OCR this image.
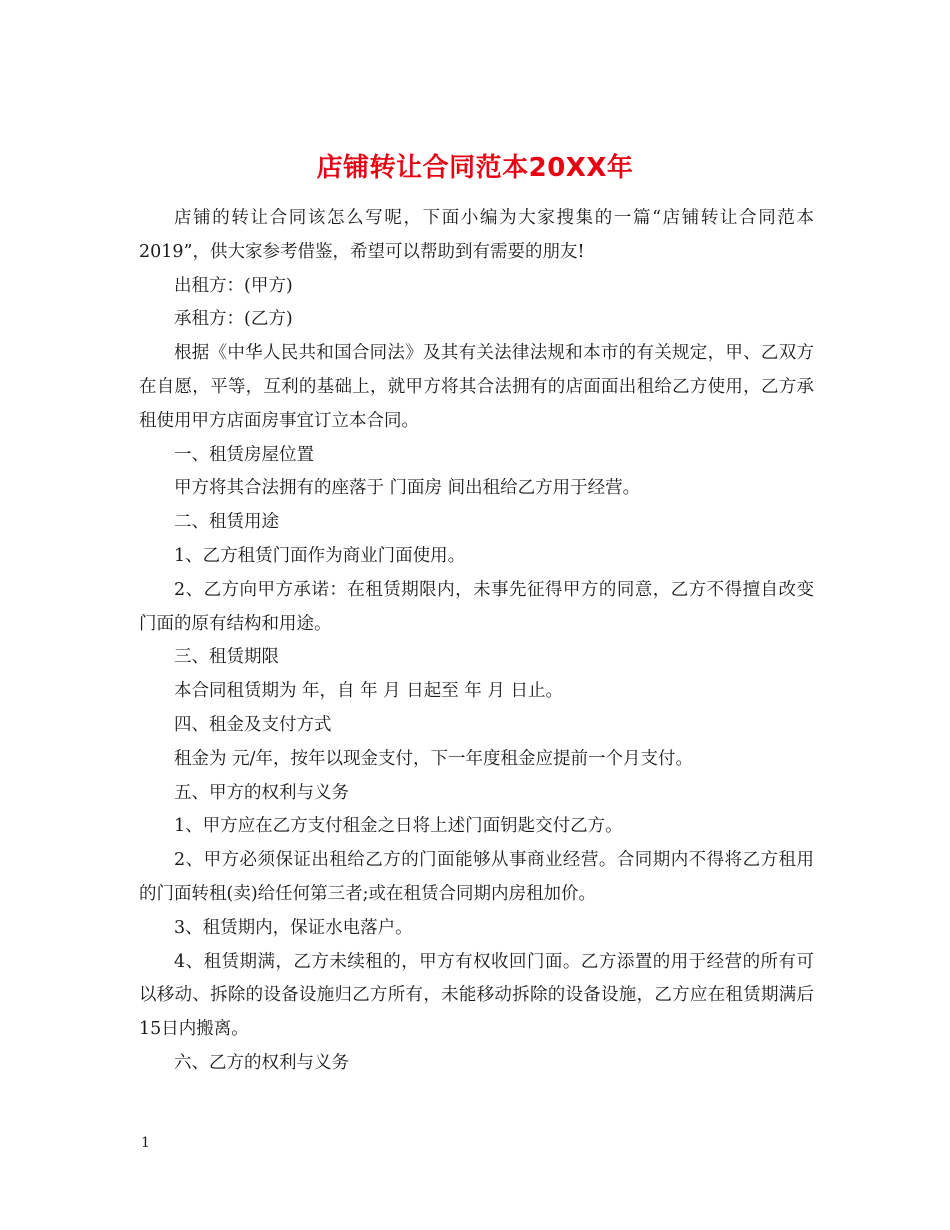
店铺转让合同范本20XX年

店铺的转让合同该怎么写呢，下面小编为大家搜集的一篇“店铺转让合同范本2019”，供大家参考借鉴，希望可以帮助到有需要的朋友!

出租方：(甲方)

承租方：(乙方)

根据《中华人民共和国合同法》及其有关法律法规和本市的有关规定，甲、乙双方在自愿，平等，互利的基础上，就甲方将其合法拥有的店面面出租给乙方使用，乙方承租使用甲方店面房事宜订立本合同。

一、租赁房屋位置

甲方将其合法拥有的座落于 门面房 间出租给乙方用于经营。

二、租赁用途

1、乙方租赁门面作为商业门面使用。

2、乙方向甲方承诺：在租赁期限内，未事先征得甲方的同意，乙方不得擅自改变门面的原有结构和用途。

三、租赁期限

本合同租赁期为 年，自 年 月 日起至 年 月 日止。

四、租金及支付方式

租金为 元/年，按年以现金支付，下一年度租金应提前一个月支付。

五、甲方的权利与义务

1、甲方应在乙方支付租金之日将上述门面钥匙交付乙方。

2、甲方必须保证出租给乙方的门面能够从事商业经营。合同期内不得将乙方租用的门面转租(卖)给任何第三者;或在租赁合同期内房租加价。

3、租赁期内，保证水电落户。

4、租赁期满，乙方未续租的，甲方有权收回门面。乙方添置的用于经营的所有可以移动、拆除的设备设施归乙方所有，未能移动拆除的设备设施，乙方应在租赁期满后15日内搬离。

六、乙方的权利与义务

1
